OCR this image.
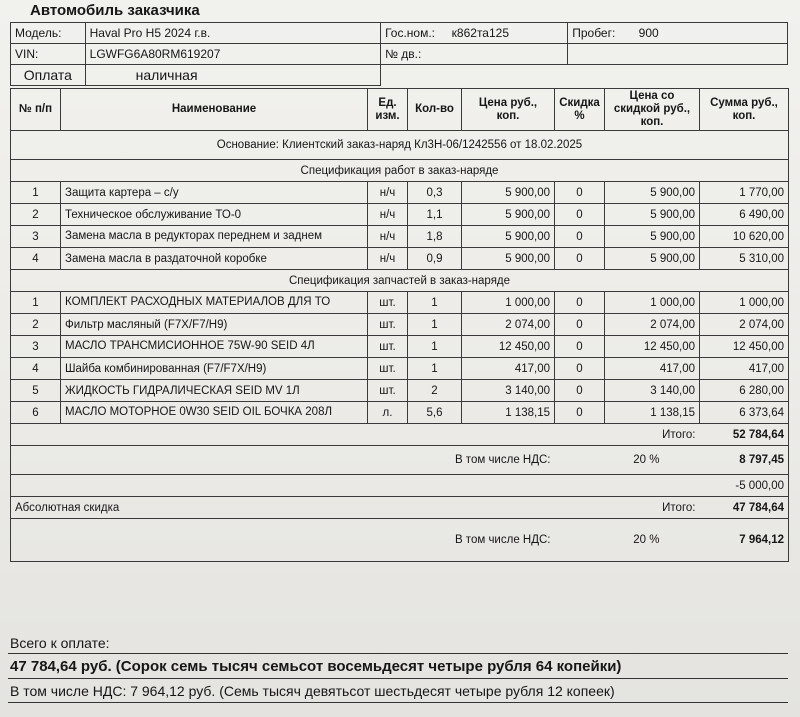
Автомобиль заказчика
Модель:	Haval Pro H5 2024 г.в.	Гос.ном.: к862та125		Пробег: 900
VIN:	LGWFG6A80RM619207	№ дв.:		
Оплата	наличная			
№ п/п	Наименование	Ед. изм.	Кол-во	Цена руб., коп.	Скидка %	Цена со скидкой руб., коп.	Сумма руб., коп.
Основание: Клиентский заказ-наряд Кл3Н-06/1242556 от 18.02.2025							
Спецификация работ в заказ-наряде							
1	Защита картера – с/у	н/ч	0,3	5 900,00	0	5 900,00	1 770,00
2	Техническое обслуживание ТО-0	н/ч	1,1	5 900,00	0	5 900,00	6 490,00
3	Замена масла в редукторах переднем и заднем	н/ч	1,8	5 900,00	0	5 900,00	10 620,00
4	Замена масла в раздаточной коробке	н/ч	0,9	5 900,00	0	5 900,00	5 310,00
Спецификация запчастей в заказ-наряде							
1	КОМПЛЕКТ РАСХОДНЫХ МАТЕРИАЛОВ ДЛЯ ТО	шт.	1	1 000,00	0	1 000,00	1 000,00
2	Фильтр масляный (F7X/F7/H9)	шт.	1	2 074,00	0	2 074,00	2 074,00
3	МАСЛО ТРАНСМИСИОННОЕ 75W-90 SEID 4Л	шт.	1	12 450,00	0	12 450,00	12 450,00
4	Шайба комбинированная (F7/F7X/H9)	шт.	1	417,00	0	417,00	417,00
5	ЖИДКОСТЬ ГИДРАЛИЧЕСКАЯ SEID MV 1Л	шт.	2	3 140,00	0	3 140,00	6 280,00
6	МАСЛО МОТОРНОЕ 0W30 SEID OIL БОЧКА 208Л	л.	5,6	1 138,15	0	1 138,15	6 373,64
						Итого:	52 784,64
В том числе НДС:					20 %		8 797,45
							-5 000,00
Абсолютная скидка						Итого:	47 784,64
В том числе НДС:					20 %		7 964,12
Всего к оплате:
47 784,64 руб. (Сорок семь тысяч семьсот восемьдесят четыре рубля 64 копейки)
В том числе НДС: 7 964,12 руб. (Семь тысяч девятьсот шестьдесят четыре рубля 12 копеек)
